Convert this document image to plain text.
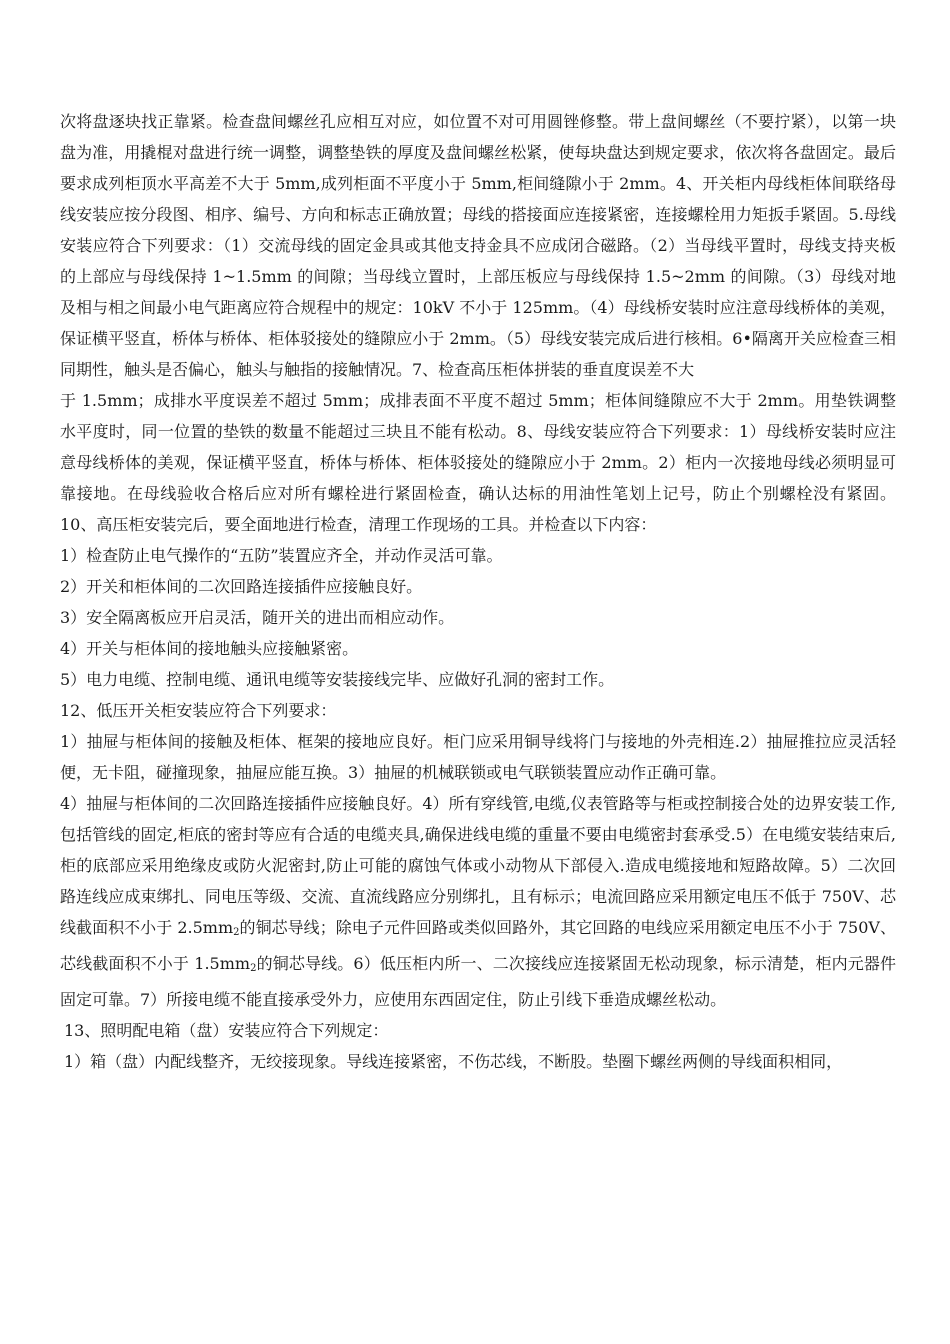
次将盘逐块找正靠紧。检查盘间螺丝孔应相互对应，如位置不对可用圆锉修整。带上盘间螺丝（不要拧紧），以第一块盘为准，用撬棍对盘进行统一调整，调整垫铁的厚度及盘间螺丝松紧，使每块盘达到规定要求，依次将各盘固定。最后要求成列柜顶水平高差不大于 5mm,成列柜面不平度小于 5mm,柜间缝隙小于 2mm。4、开关柜内母线柜体间联络母线安装应按分段图、相序、编号、方向和标志正确放置；母线的搭接面应连接紧密，连接螺栓用力矩扳手紧固。5.母线安装应符合下列要求：（1）交流母线的固定金具或其他支持金具不应成闭合磁路。（2）当母线平置时，母线支持夹板的上部应与母线保持 1~1.5mm 的间隙；当母线立置时，上部压板应与母线保持 1.5~2mm 的间隙。（3）母线对地及相与相之间最小电气距离应符合规程中的规定：10kV 不小于 125mm。（4）母线桥安装时应注意母线桥体的美观，保证横平竖直，桥体与桥体、柜体驳接处的缝隙应小于 2mm。（5）母线安装完成后进行核相。6•隔离开关应检查三相同期性，触头是否偏心，触头与触指的接触情况。7、检查高压柜体拼装的垂直度误差不大

于 1.5mm；成排水平度误差不超过 5mm；成排表面不平度不超过 5mm；柜体间缝隙应不大于 2mm。用垫铁调整水平度时，同一位置的垫铁的数量不能超过三块且不能有松动。8、母线安装应符合下列要求：1）母线桥安装时应注意母线桥体的美观，保证横平竖直，桥体与桥体、柜体驳接处的缝隙应小于 2mm。2）柜内一次接地母线必须明显可靠接地。在母线验收合格后应对所有螺栓进行紧固检查，确认达标的用油性笔划上记号，防止个别螺栓没有紧固。10、高压柜安装完后，要全面地进行检查，清理工作现场的工具。并检查以下内容：

1）检查防止电气操作的“五防”装置应齐全，并动作灵活可靠。

2）开关和柜体间的二次回路连接插件应接触良好。

3）安全隔离板应开启灵活，随开关的进出而相应动作。

4）开关与柜体间的接地触头应接触紧密。

5）电力电缆、控制电缆、通讯电缆等安装接线完毕、应做好孔洞的密封工作。

12、低压开关柜安装应符合下列要求：

1）抽屉与柜体间的接触及柜体、框架的接地应良好。柜门应采用铜导线将门与接地的外壳相连.2）抽屉推拉应灵活轻便，无卡阻，碰撞现象，抽屉应能互换。3）抽屉的机械联锁或电气联锁装置应动作正确可靠。

4）抽屉与柜体间的二次回路连接插件应接触良好。4）所有穿线管,电缆,仪表管路等与柜或控制接合处的边界安装工作,包括管线的固定,柜底的密封等应有合适的电缆夹具,确保进线电缆的重量不要由电缆密封套承受.5）在电缆安装结束后,柜的底部应采用绝缘皮或防火泥密封,防止可能的腐蚀气体或小动物从下部侵入.造成电缆接地和短路故障。5）二次回路连线应成束绑扎、同电压等级、交流、直流线路应分别绑扎，且有标示；电流回路应采用额定电压不低于 750V、芯线截面积不小于 $2.5mm_2$的铜芯导线；除电子元件回路或类似回路外，其它回路的电线应采用额定电压不小于 750V、芯线截面积不小于 $1.5mm_2$的铜芯导线。6）低压柜内所一、二次接线应连接紧固无松动现象，标示清楚，柜内元器件固定可靠。7）所接电缆不能直接承受外力，应使用东西固定住，防止引线下垂造成螺丝松动。

13、照明配电箱（盘）安装应符合下列规定：

1）箱（盘）内配线整齐，无绞接现象。导线连接紧密，不伤芯线，不断股。垫圈下螺丝两侧的导线面积相同，
